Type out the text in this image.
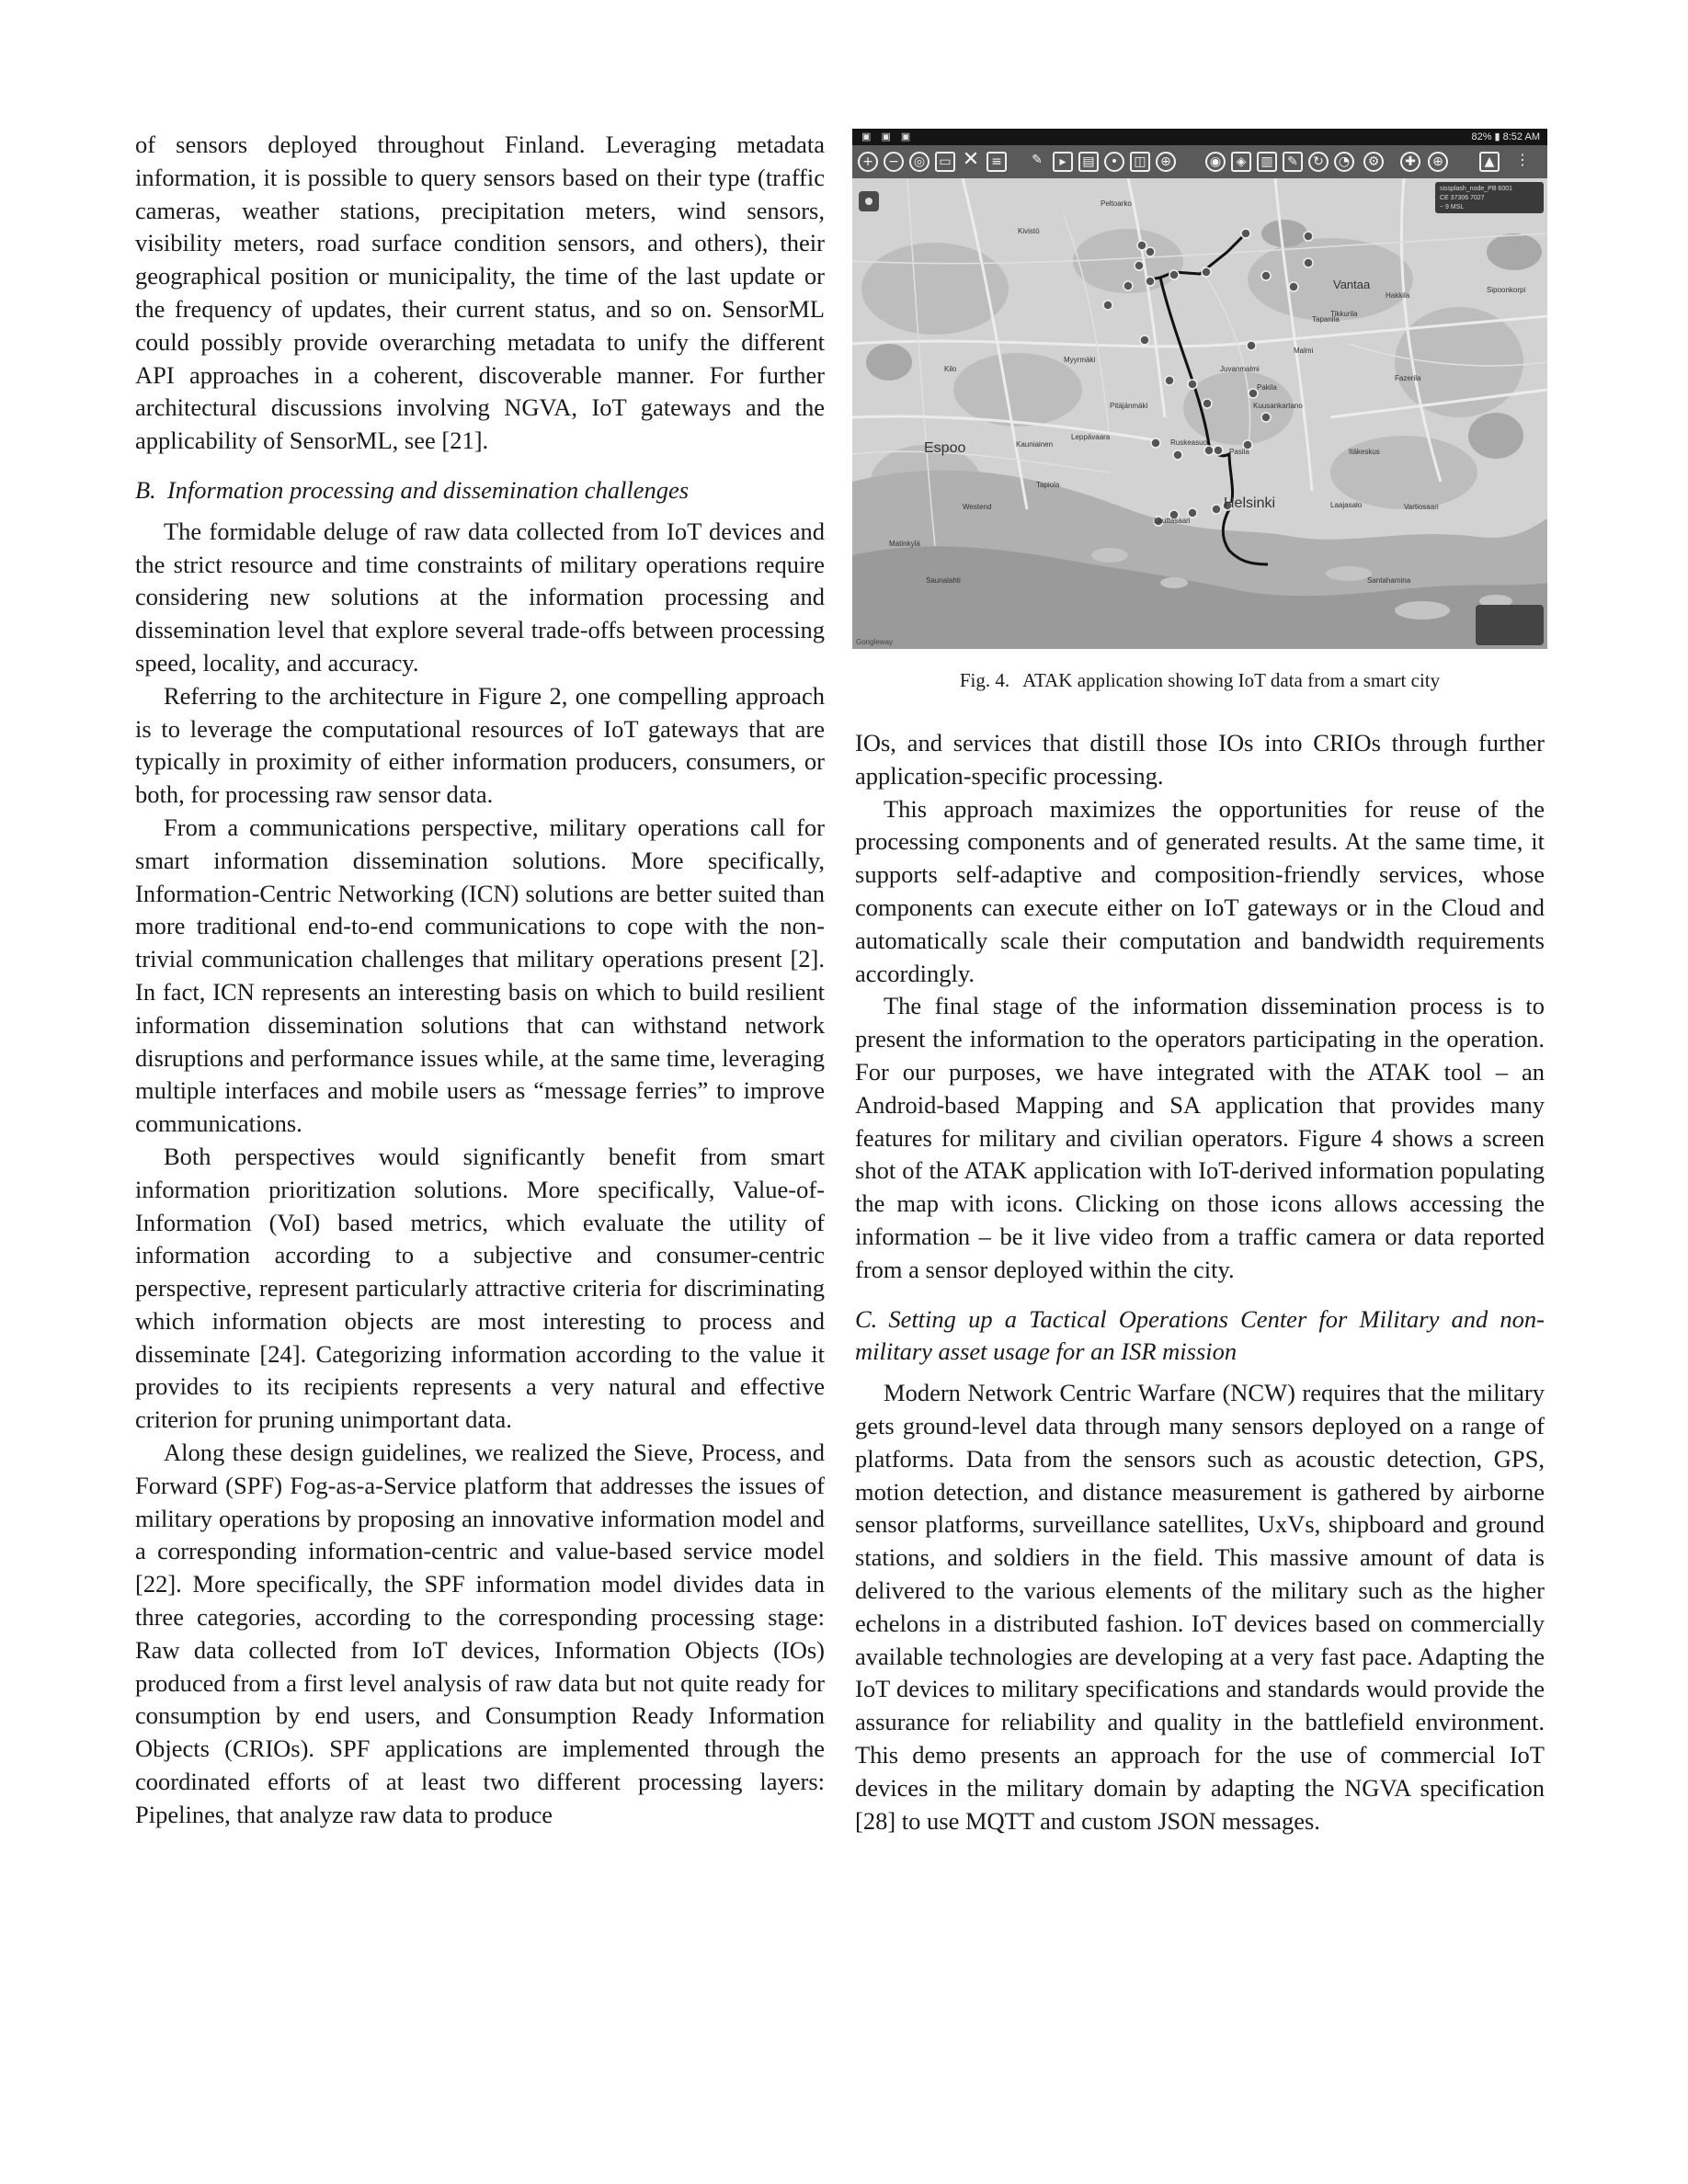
of sensors deployed throughout Finland. Leveraging metadata information, it is possible to query sensors based on their type (traffic cameras, weather stations, precipitation meters, wind sensors, visibility meters, road surface condition sensors, and others), their geographical position or municipality, the time of the last update or the frequency of updates, their current status, and so on. SensorML could possibly provide overarching metadata to unify the different API approaches in a coherent, discoverable manner. For further architectural discussions involving NGVA, IoT gateways and the applicability of SensorML, see [21].

B. Information processing and dissemination challenges

The formidable deluge of raw data collected from IoT devices and the strict resource and time constraints of military operations require considering new solutions at the information processing and dissemination level that explore several trade-offs between processing speed, locality, and accuracy.

Referring to the architecture in Figure 2, one compelling approach is to leverage the computational resources of IoT gateways that are typically in proximity of either information producers, consumers, or both, for processing raw sensor data.

From a communications perspective, military operations call for smart information dissemination solutions. More specifically, Information-Centric Networking (ICN) solutions are better suited than more traditional end-to-end communications to cope with the non-trivial communication challenges that military operations present [2]. In fact, ICN represents an interesting basis on which to build resilient information dissemination solutions that can withstand network disruptions and performance issues while, at the same time, leveraging multiple interfaces and mobile users as “message ferries” to improve communications.

Both perspectives would significantly benefit from smart information prioritization solutions. More specifically, Value-of-Information (VoI) based metrics, which evaluate the utility of information according to a subjective and consumer-centric perspective, represent particularly attractive criteria for discriminating which information objects are most interesting to process and disseminate [24]. Categorizing information according to the value it provides to its recipients represents a very natural and effective criterion for pruning unimportant data.

Along these design guidelines, we realized the Sieve, Process, and Forward (SPF) Fog-as-a-Service platform that addresses the issues of military operations by proposing an innovative information model and a corresponding information-centric and value-based service model [22]. More specifically, the SPF information model divides data in three categories, according to the corresponding processing stage: Raw data collected from IoT devices, Information Objects (IOs) produced from a first level analysis of raw data but not quite ready for consumption by end users, and Consumption Ready Information Objects (CRIOs). SPF applications are implemented through the coordinated efforts of at least two different processing layers: Pipelines, that analyze raw data to produce

▣ ▣ ▣	82% ▮ 8:52 AM
+	−	◎	▭ ✕ ≡	✎	▸	▤	•	◫	⊕	◉	◈	▥	✎	↻	◔	⚙	✚	⊕	▲	⋮
Espoo
Vantaa
Helsinki
Pakila
Malmi
Kuusankartano
Laajasalo
Lauttasaari
Pasila
Tapanila
Kauniainen
Leppävaara
Tapiola
Westend
Matinkylä
Pitäjänmäki
Sipoonkorpi
Fazerila
Itäkeskus
Santahamina
Vartiosaari
Kilo
Ruskeasuo
Hakkila
Tikkurila
Myyrmäki
Juvanmalmi
Kivistö
Peltoarko
Saunalahti
sissplash_node_PB 6001
CE 37306 7027
~ 9 MSL
Gongleway
Fig. 4. ATAK application showing IoT data from a smart city

IOs, and services that distill those IOs into CRIOs through further application-specific processing.

This approach maximizes the opportunities for reuse of the processing components and of generated results. At the same time, it supports self-adaptive and composition-friendly services, whose components can execute either on IoT gateways or in the Cloud and automatically scale their computation and bandwidth requirements accordingly.

The final stage of the information dissemination process is to present the information to the operators participating in the operation. For our purposes, we have integrated with the ATAK tool – an Android-based Mapping and SA application that provides many features for military and civilian operators. Figure 4 shows a screen shot of the ATAK application with IoT-derived information populating the map with icons. Clicking on those icons allows accessing the information – be it live video from a traffic camera or data reported from a sensor deployed within the city.

C. Setting up a Tactical Operations Center for Military and non-military asset usage for an ISR mission

Modern Network Centric Warfare (NCW) requires that the military gets ground-level data through many sensors deployed on a range of platforms. Data from the sensors such as acoustic detection, GPS, motion detection, and distance measurement is gathered by airborne sensor platforms, surveillance satellites, UxVs, shipboard and ground stations, and soldiers in the field. This massive amount of data is delivered to the various elements of the military such as the higher echelons in a distributed fashion. IoT devices based on commercially available technologies are developing at a very fast pace. Adapting the IoT devices to military specifications and standards would provide the assurance for reliability and quality in the battlefield environment. This demo presents an approach for the use of commercial IoT devices in the military domain by adapting the NGVA specification [28] to use MQTT and custom JSON messages.
